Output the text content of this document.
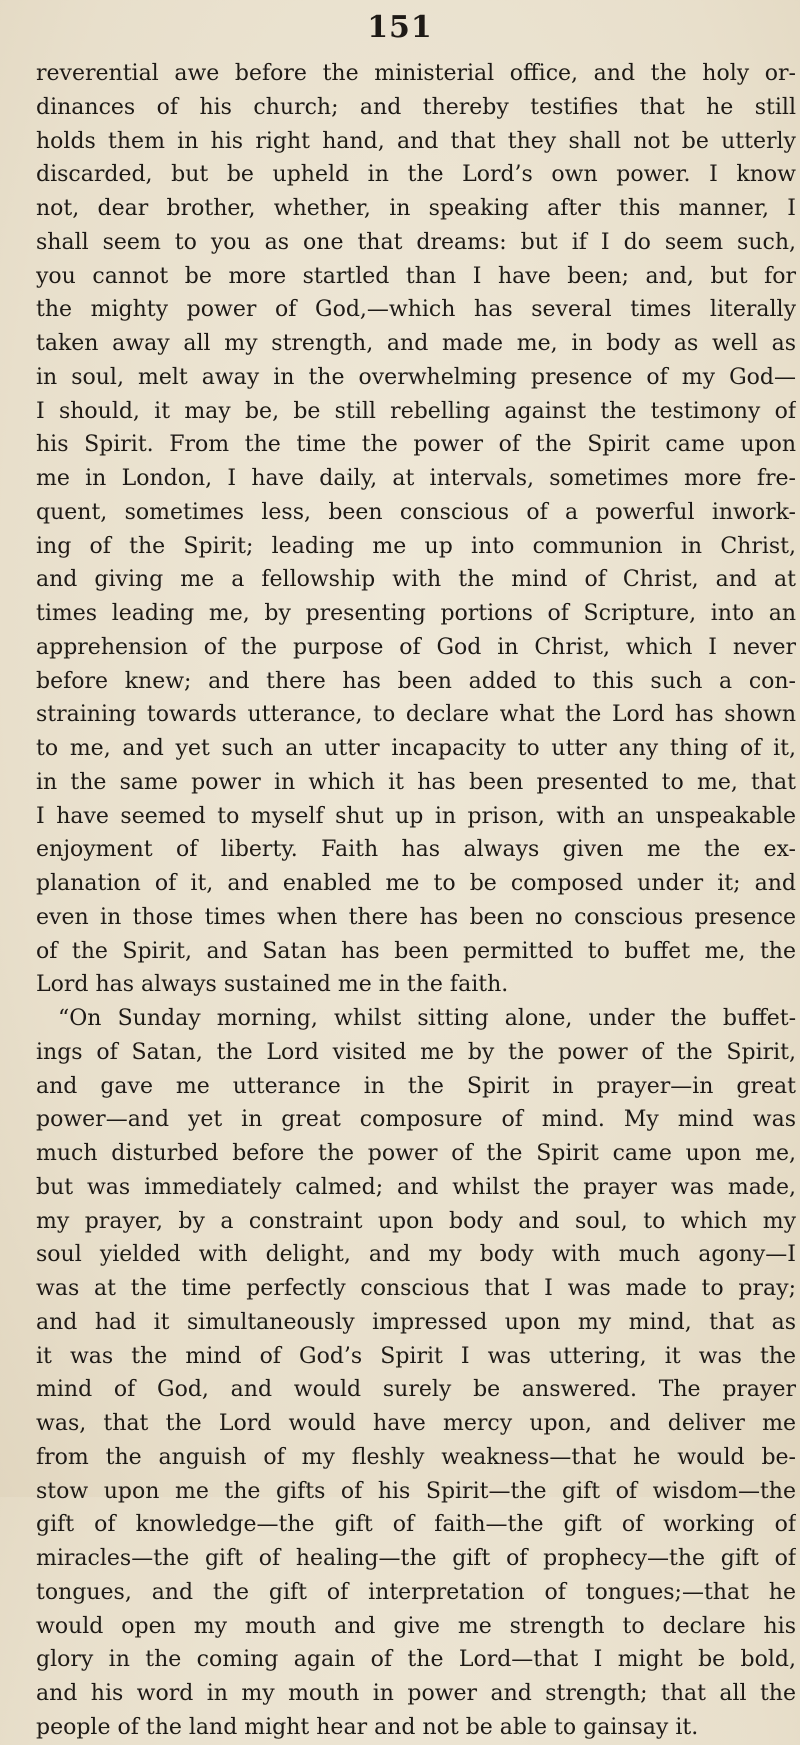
151
reverential awe before the ministerial office, and the holy or-
dinances of his church; and thereby testifies that he still
holds them in his right hand, and that they shall not be utterly
discarded, but be upheld in the Lord’s own power. I know
not, dear brother, whether, in speaking after this manner, I
shall seem to you as one that dreams: but if I do seem such,
you cannot be more startled than I have been; and, but for
the mighty power of God,—which has several times literally
taken away all my strength, and made me, in body as well as
in soul, melt away in the overwhelming presence of my God—
I should, it may be, be still rebelling against the testimony of
his Spirit. From the time the power of the Spirit came upon
me in London, I have daily, at intervals, sometimes more fre-
quent, sometimes less, been conscious of a powerful inwork-
ing of the Spirit; leading me up into communion in Christ,
and giving me a fellowship with the mind of Christ, and at
times leading me, by presenting portions of Scripture, into an
apprehension of the purpose of God in Christ, which I never
before knew; and there has been added to this such a con-
straining towards utterance, to declare what the Lord has shown
to me, and yet such an utter incapacity to utter any thing of it,
in the same power in which it has been presented to me, that
I have seemed to myself shut up in prison, with an unspeakable
enjoyment of liberty. Faith has always given me the ex-
planation of it, and enabled me to be composed under it; and
even in those times when there has been no conscious presence
of the Spirit, and Satan has been permitted to buffet me, the
Lord has always sustained me in the faith.
“On Sunday morning, whilst sitting alone, under the buffet-
ings of Satan, the Lord visited me by the power of the Spirit,
and gave me utterance in the Spirit in prayer—in great
power—and yet in great composure of mind. My mind was
much disturbed before the power of the Spirit came upon me,
but was immediately calmed; and whilst the prayer was made,
my prayer, by a constraint upon body and soul, to which my
soul yielded with delight, and my body with much agony—I
was at the time perfectly conscious that I was made to pray;
and had it simultaneously impressed upon my mind, that as
it was the mind of God’s Spirit I was uttering, it was the
mind of God, and would surely be answered. The prayer
was, that the Lord would have mercy upon, and deliver me
from the anguish of my fleshly weakness—that he would be-
stow upon me the gifts of his Spirit—the gift of wisdom—the
gift of knowledge—the gift of faith—the gift of working of
miracles—the gift of healing—the gift of prophecy—the gift of
tongues, and the gift of interpretation of tongues;—that he
would open my mouth and give me strength to declare his
glory in the coming again of the Lord—that I might be bold,
and his word in my mouth in power and strength; that all the
people of the land might hear and not be able to gainsay it.
